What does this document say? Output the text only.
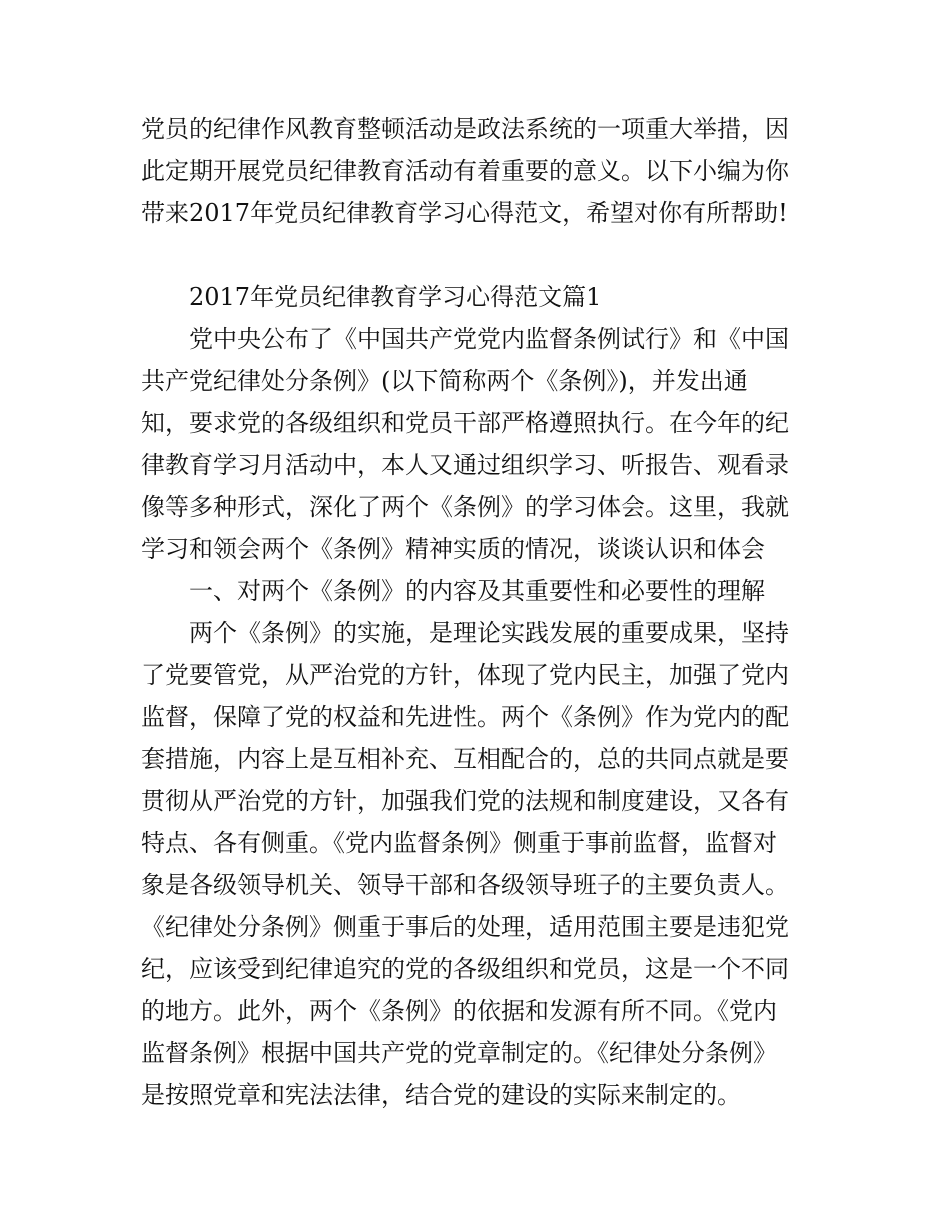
党员的纪律作风教育整顿活动是政法系统的一项重大举措，因
此定期开展党员纪律教育活动有着重要的意义。以下小编为你
带来2017年党员纪律教育学习心得范文，希望对你有所帮助!
　　2017年党员纪律教育学习心得范文篇1
　　党中央公布了《中国共产党党内监督条例试行》和《中国
共产党纪律处分条例》(以下简称两个《条例》)，并发出通
知，要求党的各级组织和党员干部严格遵照执行。在今年的纪
律教育学习月活动中，本人又通过组织学习、听报告、观看录
像等多种形式，深化了两个《条例》的学习体会。这里，我就
学习和领会两个《条例》精神实质的情况，谈谈认识和体会
　　一、对两个《条例》的内容及其重要性和必要性的理解
　　两个《条例》的实施，是理论实践发展的重要成果，坚持
了党要管党，从严治党的方针，体现了党内民主，加强了党内
监督，保障了党的权益和先进性。两个《条例》作为党内的配
套措施，内容上是互相补充、互相配合的，总的共同点就是要
贯彻从严治党的方针，加强我们党的法规和制度建设，又各有
特点、各有侧重。《党内监督条例》侧重于事前监督，监督对
象是各级领导机关、领导干部和各级领导班子的主要负责人。
《纪律处分条例》侧重于事后的处理，适用范围主要是违犯党
纪，应该受到纪律追究的党的各级组织和党员，这是一个不同
的地方。此外，两个《条例》的依据和发源有所不同。《党内
监督条例》根据中国共产党的党章制定的。《纪律处分条例》
是按照党章和宪法法律，结合党的建设的实际来制定的。
